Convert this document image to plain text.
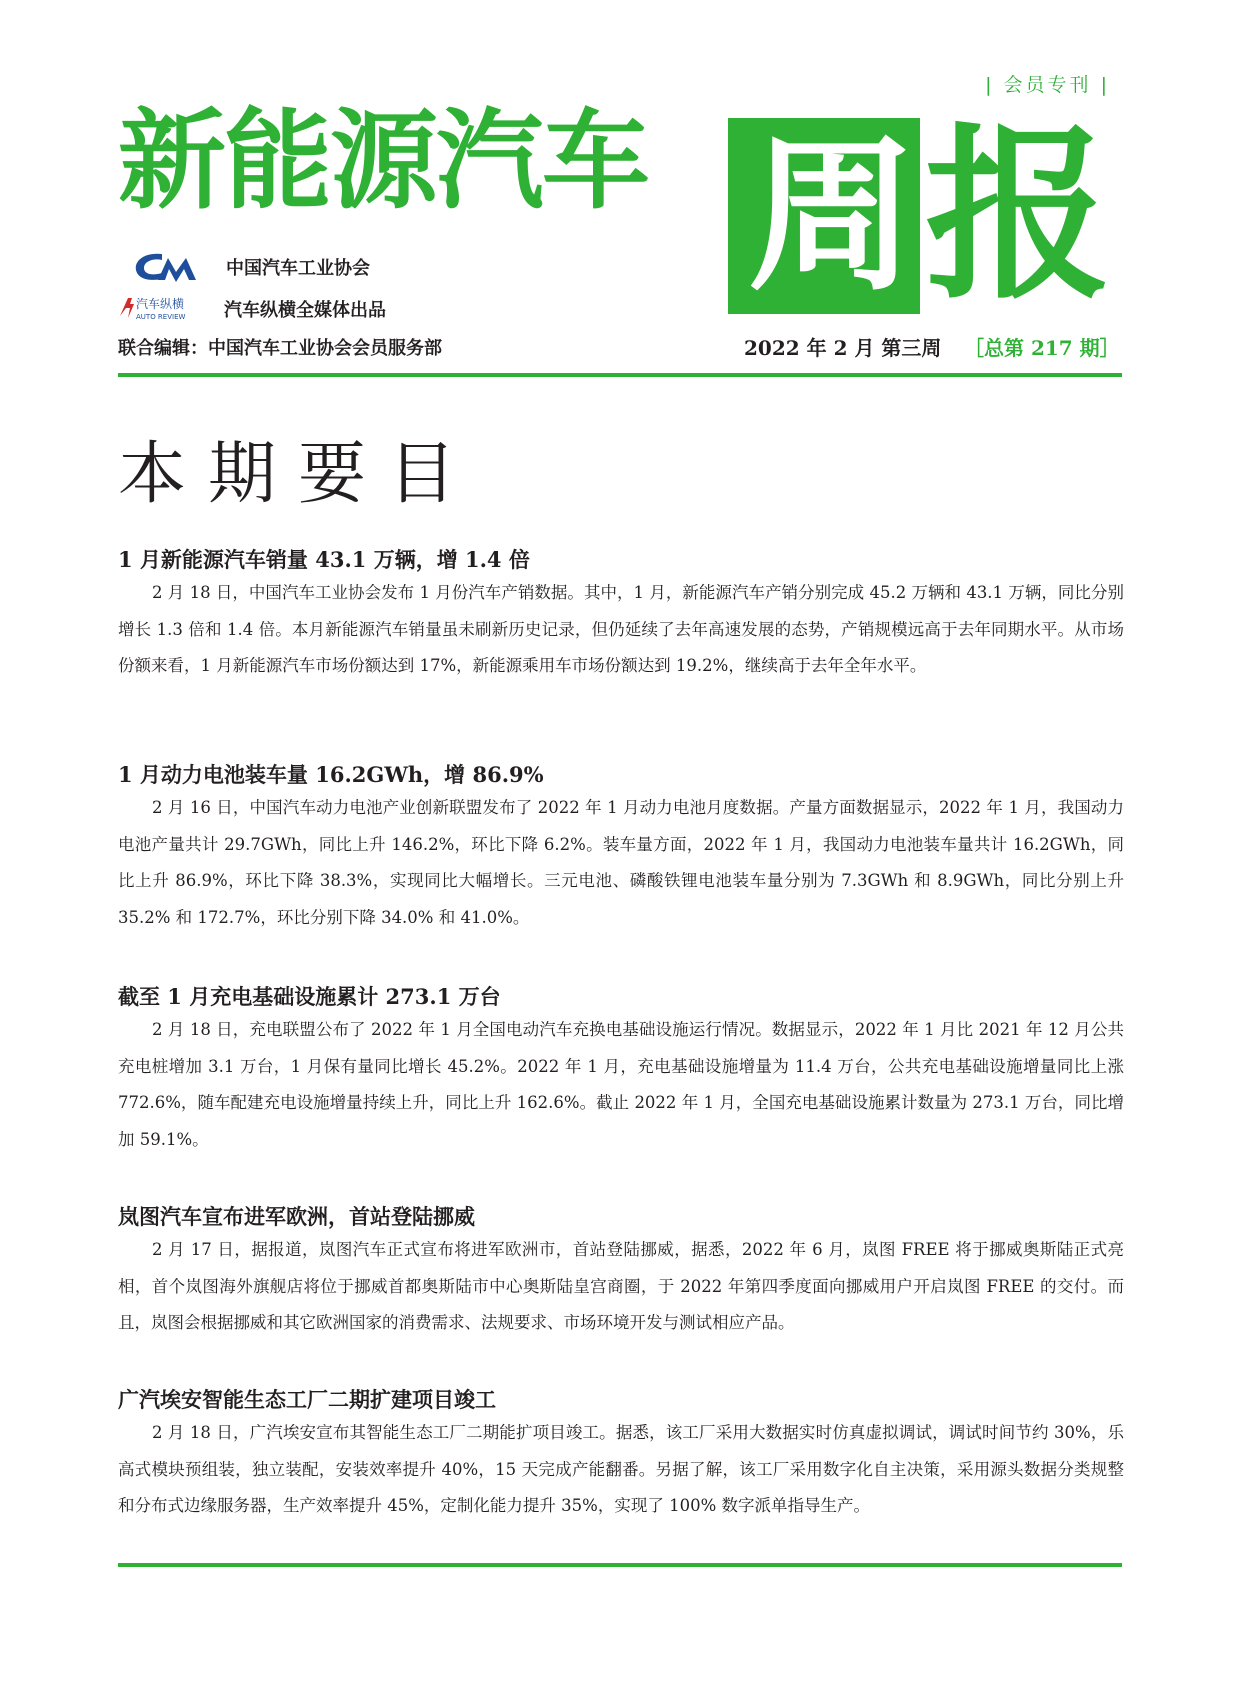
| 会员专刊 |
新能源汽车 周 报
中国汽车工业协会
汽车纵横
AUTO REVIEW 汽车纵横全媒体出品
联合编辑：中国汽车工业协会会员服务部	2022 年 2 月 第三周 ［总第 217 期］
本期要目
1 月新能源汽车销量 43.1 万辆，增 1.4 倍

2 月 18 日，中国汽车工业协会发布 1 月份汽车产销数据。其中，1 月，新能源汽车产销分别完成 45.2 万辆和 43.1 万辆，同比分别增长 1.3 倍和 1.4 倍。本月新能源汽车销量虽未刷新历史记录，但仍延续了去年高速发展的态势，产销规模远高于去年同期水平。从市场份额来看，1 月新能源汽车市场份额达到 17%，新能源乘用车市场份额达到 19.2%，继续高于去年全年水平。

1 月动力电池装车量 16.2GWh，增 86.9%

2 月 16 日，中国汽车动力电池产业创新联盟发布了 2022 年 1 月动力电池月度数据。产量方面数据显示，2022 年 1 月，我国动力电池产量共计 29.7GWh，同比上升 146.2%，环比下降 6.2%。装车量方面，2022 年 1 月，我国动力电池装车量共计 16.2GWh，同比上升 86.9%，环比下降 38.3%，实现同比大幅增长。三元电池、磷酸铁锂电池装车量分别为 7.3GWh 和 8.9GWh，同比分别上升 35.2% 和 172.7%，环比分别下降 34.0% 和 41.0%。

截至 1 月充电基础设施累计 273.1 万台

2 月 18 日，充电联盟公布了 2022 年 1 月全国电动汽车充换电基础设施运行情况。数据显示，2022 年 1 月比 2021 年 12 月公共充电桩增加 3.1 万台，1 月保有量同比增长 45.2%。2022 年 1 月，充电基础设施增量为 11.4 万台，公共充电基础设施增量同比上涨 772.6%，随车配建充电设施增量持续上升，同比上升 162.6%。截止 2022 年 1 月，全国充电基础设施累计数量为 273.1 万台，同比增加 59.1%。

岚图汽车宣布进军欧洲，首站登陆挪威

2 月 17 日，据报道，岚图汽车正式宣布将进军欧洲市，首站登陆挪威，据悉，2022 年 6 月，岚图 FREE 将于挪威奥斯陆正式亮相，首个岚图海外旗舰店将位于挪威首都奥斯陆市中心奥斯陆皇宫商圈，于 2022 年第四季度面向挪威用户开启岚图 FREE 的交付。而且，岚图会根据挪威和其它欧洲国家的消费需求、法规要求、市场环境开发与测试相应产品。

广汽埃安智能生态工厂二期扩建项目竣工

2 月 18 日，广汽埃安宣布其智能生态工厂二期能扩项目竣工。据悉，该工厂采用大数据实时仿真虚拟调试，调试时间节约 30%，乐高式模块预组装，独立装配，安装效率提升 40%，15 天完成产能翻番。另据了解，该工厂采用数字化自主决策，采用源头数据分类规整和分布式边缘服务器，生产效率提升 45%，定制化能力提升 35%，实现了 100% 数字派单指导生产。
